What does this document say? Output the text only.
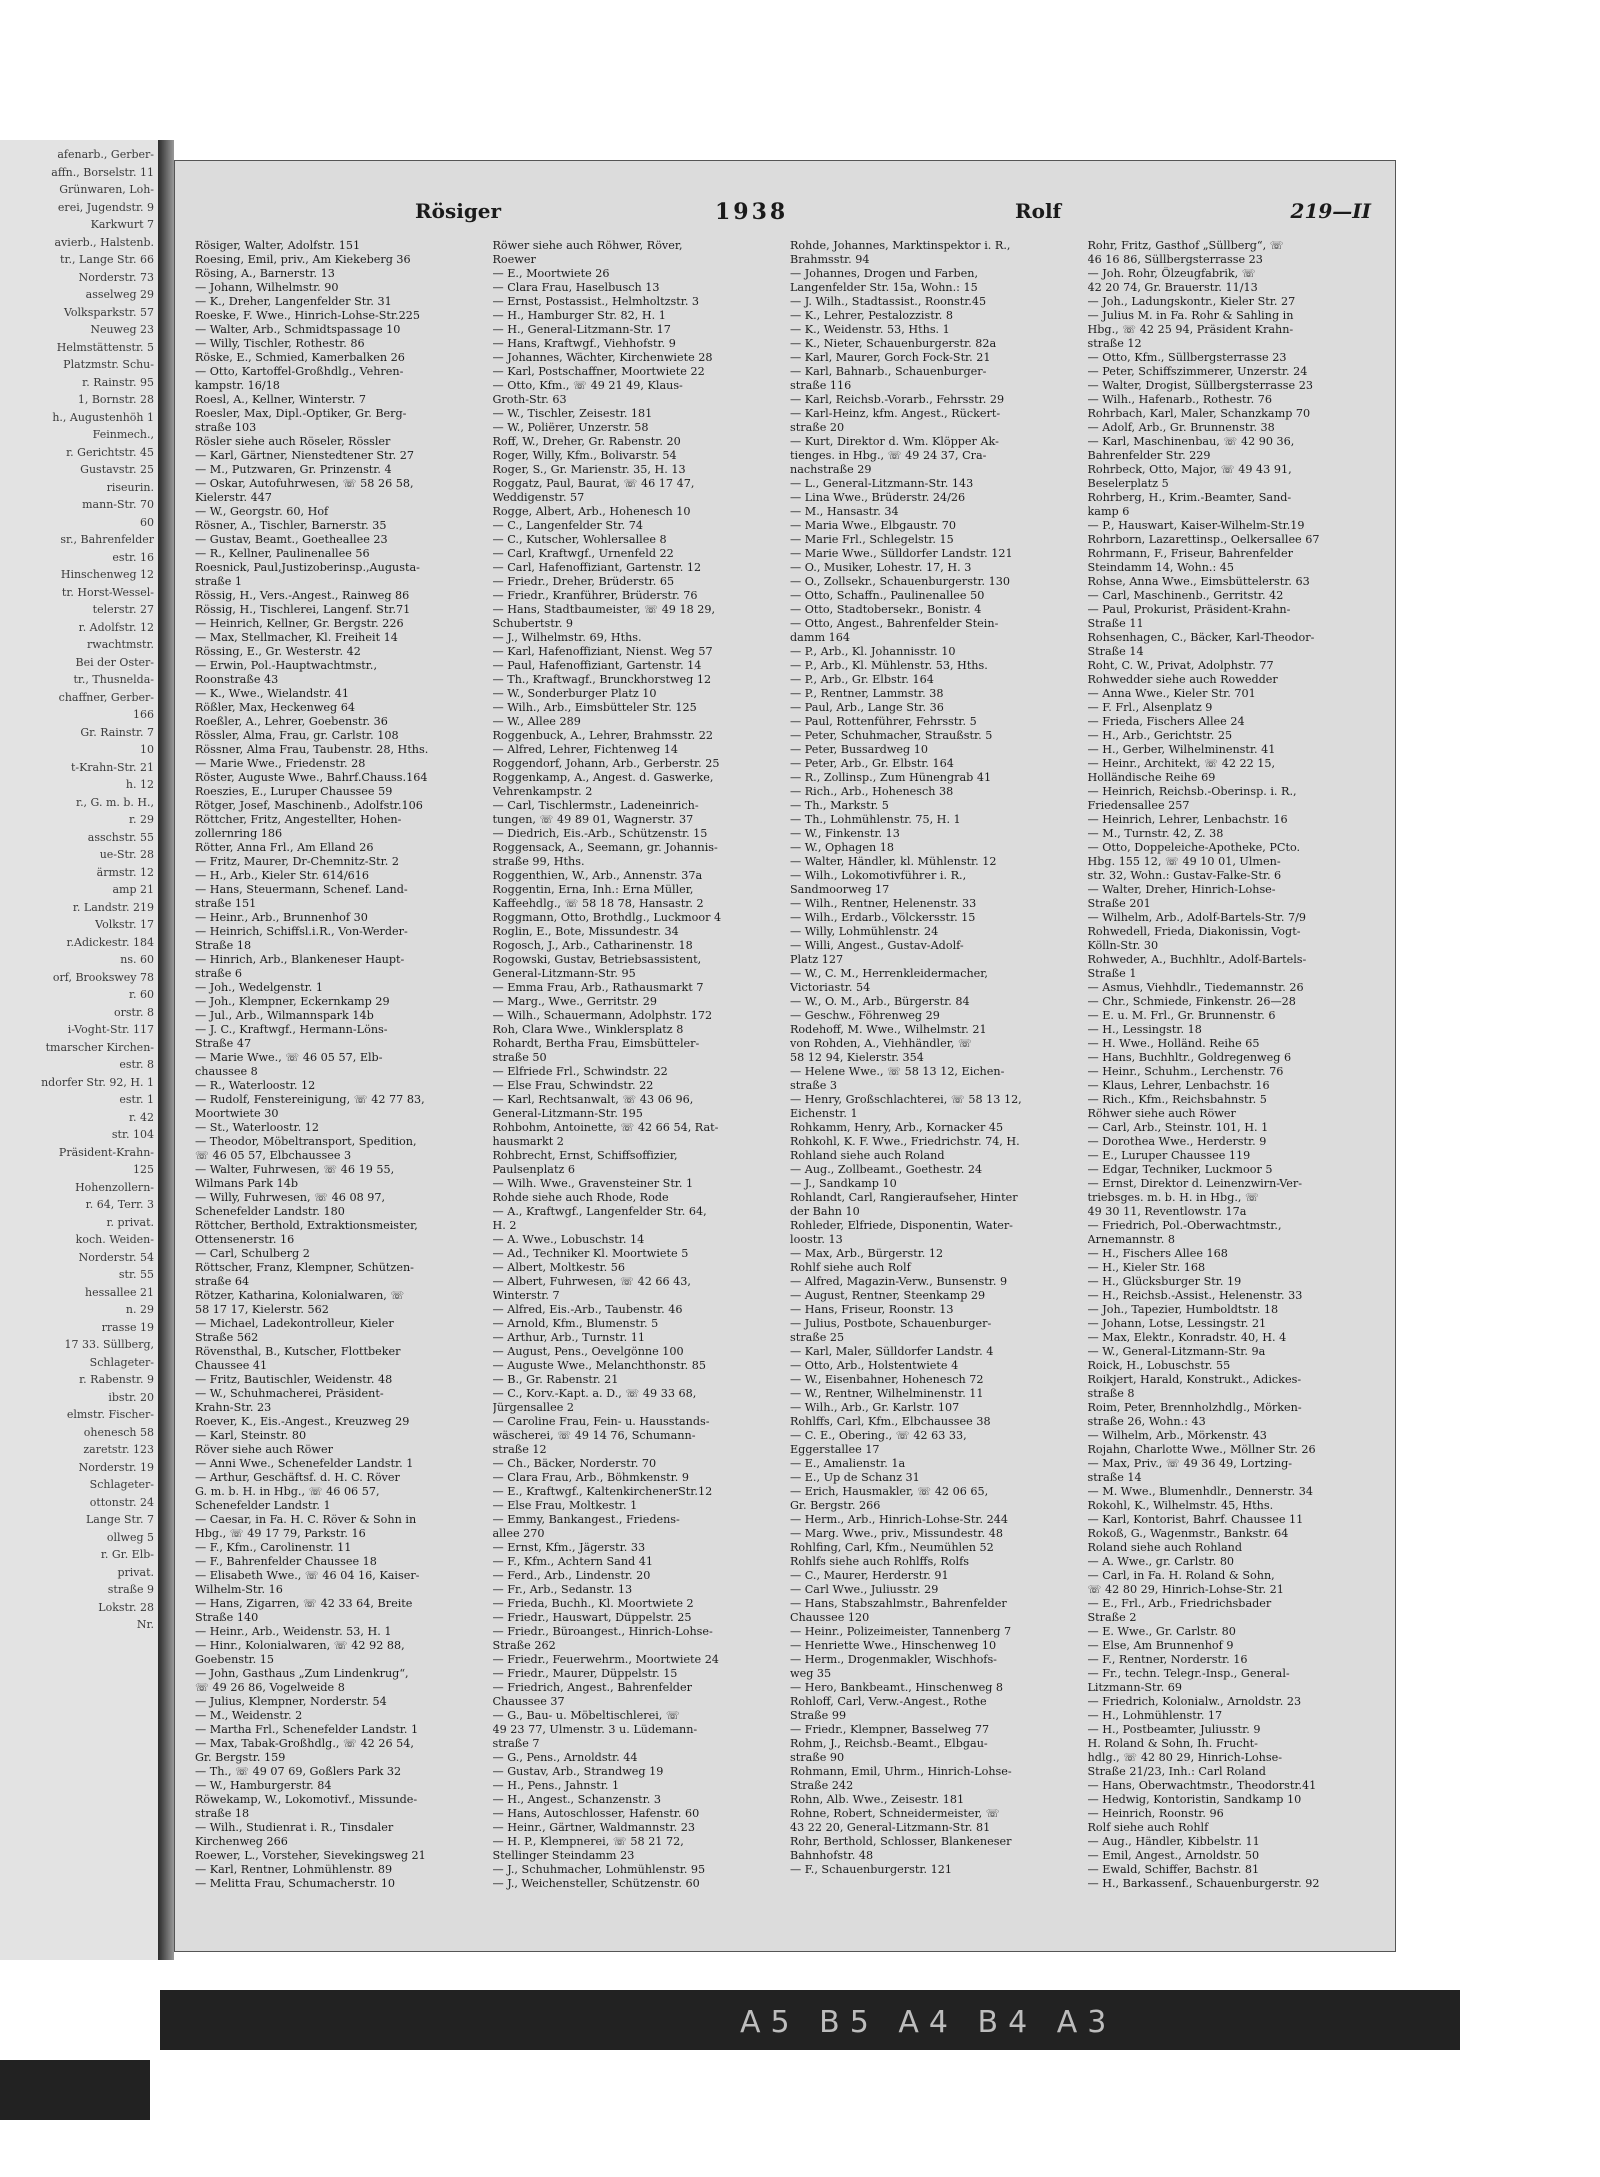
afenarb., Gerber-
affn., Borselstr. 11
Grünwaren, Loh-
erei, Jugendstr. 9
Karkwurt 7
avierb., Halstenb.
tr., Lange Str. 66
Norderstr. 73
asselweg 29
Volksparkstr. 57
Neuweg 23
Helmstättenstr. 5
Platzmstr. Schu-
r. Rainstr. 95
1, Bornstr. 28
h., Augustenhöh 1
Feinmech.,
r. Gerichtstr. 45
Gustavstr. 25
riseurin.
mann-Str. 70
60
sr., Bahrenfelder
estr. 16
Hinschenweg 12
tr. Horst-Wessel-
telerstr. 27
r. Adolfstr. 12
rwachtmstr.
Bei der Oster-
tr., Thusnelda-
chaffner, Gerber-
166
Gr. Rainstr. 7
10
t-Krahn-Str. 21
h. 12
r., G. m. b. H.,
r. 29
asschstr. 55
ue-Str. 28
ärmstr. 12
amp 21
r. Landstr. 219
Volkstr. 17
r.Adickestr. 184
ns. 60
orf, Brookswey 78
r. 60
orstr. 8
i-Voght-Str. 117
tmarscher Kirchen-
estr. 8
ndorfer Str. 92, H. 1
estr. 1
r. 42
str. 104
Präsident-Krahn-
125
Hohenzollern-
r. 64, Terr. 3
r. privat.
koch. Weiden-
Norderstr. 54
str. 55
hessallee 21
n. 29
rrasse 19
17 33. Süllberg,
Schlageter-
r. Rabenstr. 9
ibstr. 20
elmstr. Fischer-
ohenesch 58
zaretstr. 123
Norderstr. 19
Schlageter-
ottonstr. 24
Lange Str. 7
ollweg 5
r. Gr. Elb-
privat.
straße 9
Lokstr. 28
Nr.
Rösiger	1938	Rolf	219—II

Rösiger, Walter, Adolfstr. 151

Roesing, Emil, priv., Am Kiekeberg 36

Rösing, A., Barnerstr. 13

— Johann, Wilhelmstr. 90

— K., Dreher, Langenfelder Str. 31

Roeske, F. Wwe., Hinrich-Lohse-Str.225

— Walter, Arb., Schmidtspassage 10

— Willy, Tischler, Rothestr. 86

Röske, E., Schmied, Kamerbalken 26

— Otto, Kartoffel-Großhdlg., Vehren-

kampstr. 16/18

Roesl, A., Kellner, Winterstr. 7

Roesler, Max, Dipl.-Optiker, Gr. Berg-

straße 103

Rösler siehe auch Röseler, Rössler

— Karl, Gärtner, Nienstedtener Str. 27

— M., Putzwaren, Gr. Prinzenstr. 4

— Oskar, Autofuhrwesen, ☏ 58 26 58,

Kielerstr. 447

— W., Georgstr. 60, Hof

Rösner, A., Tischler, Barnerstr. 35

— Gustav, Beamt., Goetheallee 23

— R., Kellner, Paulinenallee 56

Roesnick, Paul,Justizoberinsp.,Augusta-

straße 1

Rössig, H., Vers.-Angest., Rainweg 86

Rössig, H., Tischlerei, Langenf. Str.71

— Heinrich, Kellner, Gr. Bergstr. 226

— Max, Stellmacher, Kl. Freiheit 14

Rössing, E., Gr. Westerstr. 42

— Erwin, Pol.-Hauptwachtmstr.,

Roonstraße 43

— K., Wwe., Wielandstr. 41

Rößler, Max, Heckenweg 64

Roeßler, A., Lehrer, Goebenstr. 36

Rössler, Alma, Frau, gr. Carlstr. 108

Rössner, Alma Frau, Taubenstr. 28, Hths.

— Marie Wwe., Friedenstr. 28

Röster, Auguste Wwe., Bahrf.Chauss.164

Roeszies, E., Luruper Chaussee 59

Rötger, Josef, Maschinenb., Adolfstr.106

Röttcher, Fritz, Angestellter, Hohen-

zollernring 186

Rötter, Anna Frl., Am Elland 26

— Fritz, Maurer, Dr-Chemnitz-Str. 2

— H., Arb., Kieler Str. 614/616

— Hans, Steuermann, Schenef. Land-

straße 151

— Heinr., Arb., Brunnenhof 30

— Heinrich, Schiffsl.i.R., Von-Werder-

Straße 18

— Hinrich, Arb., Blankeneser Haupt-

straße 6

— Joh., Wedelgenstr. 1

— Joh., Klempner, Eckernkamp 29

— Jul., Arb., Wilmannspark 14b

— J. C., Kraftwgf., Hermann-Löns-

Straße 47

— Marie Wwe., ☏ 46 05 57, Elb-

chaussee 8

— R., Waterloostr. 12

— Rudolf, Fenstereinigung, ☏ 42 77 83,

Moortwiete 30

— St., Waterloostr. 12

— Theodor, Möbeltransport, Spedition,

☏ 46 05 57, Elbchaussee 3

— Walter, Fuhrwesen, ☏ 46 19 55,

Wilmans Park 14b

— Willy, Fuhrwesen, ☏ 46 08 97,

Schenefelder Landstr. 180

Röttcher, Berthold, Extraktionsmeister,

Ottensenerstr. 16

— Carl, Schulberg 2

Röttscher, Franz, Klempner, Schützen-

straße 64

Rötzer, Katharina, Kolonialwaren, ☏

58 17 17, Kielerstr. 562

— Michael, Ladekontrolleur, Kieler

Straße 562

Rövensthal, B., Kutscher, Flottbeker

Chaussee 41

— Fritz, Bautischler, Weidenstr. 48

— W., Schuhmacherei, Präsident-

Krahn-Str. 23

Roever, K., Eis.-Angest., Kreuzweg 29

— Karl, Steinstr. 80

Röver siehe auch Röwer

— Anni Wwe., Schenefelder Landstr. 1

— Arthur, Geschäftsf. d. H. C. Röver

G. m. b. H. in Hbg., ☏ 46 06 57,

Schenefelder Landstr. 1

— Caesar, in Fa. H. C. Röver & Sohn in

Hbg., ☏ 49 17 79, Parkstr. 16

— F., Kfm., Carolinenstr. 11

— F., Bahrenfelder Chaussee 18

— Elisabeth Wwe., ☏ 46 04 16, Kaiser-

Wilhelm-Str. 16

— Hans, Zigarren, ☏ 42 33 64, Breite

Straße 140

— Heinr., Arb., Weidenstr. 53, H. 1

— Hinr., Kolonialwaren, ☏ 42 92 88,

Goebenstr. 15

— John, Gasthaus „Zum Lindenkrug“,

☏ 49 26 86, Vogelweide 8

— Julius, Klempner, Norderstr. 54

— M., Weidenstr. 2

— Martha Frl., Schenefelder Landstr. 1

— Max, Tabak-Großhdlg., ☏ 42 26 54,

Gr. Bergstr. 159

— Th., ☏ 49 07 69, Goßlers Park 32

— W., Hamburgerstr. 84

Röwekamp, W., Lokomotivf., Missunde-

straße 18

— Wilh., Studienrat i. R., Tinsdaler

Kirchenweg 266

Roewer, L., Vorsteher, Sievekingsweg 21

— Karl, Rentner, Lohmühlenstr. 89

— Melitta Frau, Schumacherstr. 10

Röwer siehe auch Röhwer, Röver,

Roewer

— E., Moortwiete 26

— Clara Frau, Haselbusch 13

— Ernst, Postassist., Helmholtzstr. 3

— H., Hamburger Str. 82, H. 1

— H., General-Litzmann-Str. 17

— Hans, Kraftwgf., Viehhofstr. 9

— Johannes, Wächter, Kirchenwiete 28

— Karl, Postschaffner, Moortwiete 22

— Otto, Kfm., ☏ 49 21 49, Klaus-

Groth-Str. 63

— W., Tischler, Zeisestr. 181

— W., Poliërer, Unzerstr. 58

Roff, W., Dreher, Gr. Rabenstr. 20

Roger, Willy, Kfm., Bolivarstr. 54

Roger, S., Gr. Marienstr. 35, H. 13

Roggatz, Paul, Baurat, ☏ 46 17 47,

Weddigenstr. 57

Rogge, Albert, Arb., Hohenesch 10

— C., Langenfelder Str. 74

— C., Kutscher, Wohlersallee 8

— Carl, Kraftwgf., Urnenfeld 22

— Carl, Hafenoffiziant, Gartenstr. 12

— Friedr., Dreher, Brüderstr. 65

— Friedr., Kranführer, Brüderstr. 76

— Hans, Stadtbaumeister, ☏ 49 18 29,

Schubertstr. 9

— J., Wilhelmstr. 69, Hths.

— Karl, Hafenoffiziant, Nienst. Weg 57

— Paul, Hafenoffiziant, Gartenstr. 14

— Th., Kraftwagf., Brunckhorstweg 12

— W., Sonderburger Platz 10

— Wilh., Arb., Eimsbütteler Str. 125

— W., Allee 289

Roggenbuck, A., Lehrer, Brahmsstr. 22

— Alfred, Lehrer, Fichtenweg 14

Roggendorf, Johann, Arb., Gerberstr. 25

Roggenkamp, A., Angest. d. Gaswerke,

Vehrenkampstr. 2

— Carl, Tischlermstr., Ladeneinrich-

tungen, ☏ 49 89 01, Wagnerstr. 37

— Diedrich, Eis.-Arb., Schützenstr. 15

Roggensack, A., Seemann, gr. Johannis-

straße 99, Hths.

Roggenthien, W., Arb., Annenstr. 37a

Roggentin, Erna, Inh.: Erna Müller,

Kaffeehdlg., ☏ 58 18 78, Hansastr. 2

Roggmann, Otto, Brothdlg., Luckmoor 4

Roglin, E., Bote, Missundestr. 34

Rogosch, J., Arb., Catharinenstr. 18

Rogowski, Gustav, Betriebsassistent,

General-Litzmann-Str. 95

— Emma Frau, Arb., Rathausmarkt 7

— Marg., Wwe., Gerritstr. 29

— Wilh., Schauermann, Adolphstr. 172

Roh, Clara Wwe., Winklersplatz 8

Rohardt, Bertha Frau, Eimsbütteler-

straße 50

— Elfriede Frl., Schwindstr. 22

— Else Frau, Schwindstr. 22

— Karl, Rechtsanwalt, ☏ 43 06 96,

General-Litzmann-Str. 195

Rohbohm, Antoinette, ☏ 42 66 54, Rat-

hausmarkt 2

Rohbrecht, Ernst, Schiffsoffizier,

Paulsenplatz 6

— Wilh. Wwe., Gravensteiner Str. 1

Rohde siehe auch Rhode, Rode

— A., Kraftwgf., Langenfelder Str. 64,

H. 2

— A. Wwe., Lobuschstr. 14

— Ad., Techniker Kl. Moortwiete 5

— Albert, Moltkestr. 56

— Albert, Fuhrwesen, ☏ 42 66 43,

Winterstr. 7

— Alfred, Eis.-Arb., Taubenstr. 46

— Arnold, Kfm., Blumenstr. 5

— Arthur, Arb., Turnstr. 11

— August, Pens., Oevelgönne 100

— Auguste Wwe., Melanchthonstr. 85

— B., Gr. Rabenstr. 21

— C., Korv.-Kapt. a. D., ☏ 49 33 68,

Jürgensallee 2

— Caroline Frau, Fein- u. Hausstands-

wäscherei, ☏ 49 14 76, Schumann-

straße 12

— Ch., Bäcker, Norderstr. 70

— Clara Frau, Arb., Böhmkenstr. 9

— E., Kraftwgf., KaltenkirchenerStr.12

— Else Frau, Moltkestr. 1

— Emmy, Bankangest., Friedens-

allee 270

— Ernst, Kfm., Jägerstr. 33

— F., Kfm., Achtern Sand 41

— Ferd., Arb., Lindenstr. 20

— Fr., Arb., Sedanstr. 13

— Frieda, Buchh., Kl. Moortwiete 2

— Friedr., Hauswart, Düppelstr. 25

— Friedr., Büroangest., Hinrich-Lohse-

Straße 262

— Friedr., Feuerwehrm., Moortwiete 24

— Friedr., Maurer, Düppelstr. 15

— Friedrich, Angest., Bahrenfelder

Chaussee 37

— G., Bau- u. Möbeltischlerei, ☏

49 23 77, Ulmenstr. 3 u. Lüdemann-

straße 7

— G., Pens., Arnoldstr. 44

— Gustav, Arb., Strandweg 19

— H., Pens., Jahnstr. 1

— H., Angest., Schanzenstr. 3

— Hans, Autoschlosser, Hafenstr. 60

— Heinr., Gärtner, Waldmannstr. 23

— H. P., Klempnerei, ☏ 58 21 72,

Stellinger Steindamm 23

— J., Schuhmacher, Lohmühlenstr. 95

— J., Weichensteller, Schützenstr. 60

Rohde, Johannes, Marktinspektor i. R.,

Brahmsstr. 94

— Johannes, Drogen und Farben,

Langenfelder Str. 15a, Wohn.: 15

— J. Wilh., Stadtassist., Roonstr.45

— K., Lehrer, Pestalozzistr. 8

— K., Weidenstr. 53, Hths. 1

— K., Nieter, Schauenburgerstr. 82a

— Karl, Maurer, Gorch Fock-Str. 21

— Karl, Bahnarb., Schauenburger-

straße 116

— Karl, Reichsb.-Vorarb., Fehrsstr. 29

— Karl-Heinz, kfm. Angest., Rückert-

straße 20

— Kurt, Direktor d. Wm. Klöpper Ak-

tienges. in Hbg., ☏ 49 24 37, Cra-

nachstraße 29

— L., General-Litzmann-Str. 143

— Lina Wwe., Brüderstr. 24/26

— M., Hansastr. 34

— Maria Wwe., Elbgaustr. 70

— Marie Frl., Schlegelstr. 15

— Marie Wwe., Sülldorfer Landstr. 121

— O., Musiker, Lohestr. 17, H. 3

— O., Zollsekr., Schauenburgerstr. 130

— Otto, Schaffn., Paulinenallee 50

— Otto, Stadtobersekr., Bonistr. 4

— Otto, Angest., Bahrenfelder Stein-

damm 164

— P., Arb., Kl. Johannisstr. 10

— P., Arb., Kl. Mühlenstr. 53, Hths.

— P., Arb., Gr. Elbstr. 164

— P., Rentner, Lammstr. 38

— Paul, Arb., Lange Str. 36

— Paul, Rottenführer, Fehrsstr. 5

— Peter, Schuhmacher, Straußstr. 5

— Peter, Bussardweg 10

— Peter, Arb., Gr. Elbstr. 164

— R., Zollinsp., Zum Hünengrab 41

— Rich., Arb., Hohenesch 38

— Th., Markstr. 5

— Th., Lohmühlenstr. 75, H. 1

— W., Finkenstr. 13

— W., Ophagen 18

— Walter, Händler, kl. Mühlenstr. 12

— Wilh., Lokomotivführer i. R.,

Sandmoorweg 17

— Wilh., Rentner, Helenenstr. 33

— Wilh., Erdarb., Völckersstr. 15

— Willy, Lohmühlenstr. 24

— Willi, Angest., Gustav-Adolf-

Platz 127

— W., C. M., Herrenkleidermacher,

Victoriastr. 54

— W., O. M., Arb., Bürgerstr. 84

— Geschw., Föhrenweg 29

Rodehoff, M. Wwe., Wilhelmstr. 21

von Rohden, A., Viehhändler, ☏

58 12 94, Kielerstr. 354

— Helene Wwe., ☏ 58 13 12, Eichen-

straße 3

— Henry, Großschlachterei, ☏ 58 13 12,

Eichenstr. 1

Rohkamm, Henry, Arb., Kornacker 45

Rohkohl, K. F. Wwe., Friedrichstr. 74, H.

Rohland siehe auch Roland

— Aug., Zollbeamt., Goethestr. 24

— J., Sandkamp 10

Rohlandt, Carl, Rangieraufseher, Hinter

der Bahn 10

Rohleder, Elfriede, Disponentin, Water-

loostr. 13

— Max, Arb., Bürgerstr. 12

Rohlf siehe auch Rolf

— Alfred, Magazin-Verw., Bunsenstr. 9

— August, Rentner, Steenkamp 29

— Hans, Friseur, Roonstr. 13

— Julius, Postbote, Schauenburger-

straße 25

— Karl, Maler, Sülldorfer Landstr. 4

— Otto, Arb., Holstentwiete 4

— W., Eisenbahner, Hohenesch 72

— W., Rentner, Wilhelminenstr. 11

— Wilh., Arb., Gr. Karlstr. 107

Rohlffs, Carl, Kfm., Elbchaussee 38

— C. E., Obering., ☏ 42 63 33,

Eggerstallee 17

— E., Amalienstr. 1a

— E., Up de Schanz 31

— Erich, Hausmakler, ☏ 42 06 65,

Gr. Bergstr. 266

— Herm., Arb., Hinrich-Lohse-Str. 244

— Marg. Wwe., priv., Missundestr. 48

Rohlfing, Carl, Kfm., Neumühlen 52

Rohlfs siehe auch Rohlffs, Rolfs

— C., Maurer, Herderstr. 91

— Carl Wwe., Juliusstr. 29

— Hans, Stabszahlmstr., Bahrenfelder

Chaussee 120

— Heinr., Polizeimeister, Tannenberg 7

— Henriette Wwe., Hinschenweg 10

— Herm., Drogenmakler, Wischhofs-

weg 35

— Hero, Bankbeamt., Hinschenweg 8

Rohloff, Carl, Verw.-Angest., Rothe

Straße 99

— Friedr., Klempner, Basselweg 77

Rohm, J., Reichsb.-Beamt., Elbgau-

straße 90

Rohmann, Emil, Uhrm., Hinrich-Lohse-

Straße 242

Rohn, Alb. Wwe., Zeisestr. 181

Rohne, Robert, Schneidermeister, ☏

43 22 20, General-Litzmann-Str. 81

Rohr, Berthold, Schlosser, Blankeneser

Bahnhofstr. 48

— F., Schauenburgerstr. 121

Rohr, Fritz, Gasthof „Süllberg“, ☏

46 16 86, Süllbergsterrasse 23

— Joh. Rohr, Ölzeugfabrik, ☏

42 20 74, Gr. Brauerstr. 11/13

— Joh., Ladungskontr., Kieler Str. 27

— Julius M. in Fa. Rohr & Sahling in

Hbg., ☏ 42 25 94, Präsident Krahn-

straße 12

— Otto, Kfm., Süllbergsterrasse 23

— Peter, Schiffszimmerer, Unzerstr. 24

— Walter, Drogist, Süllbergsterrasse 23

— Wilh., Hafenarb., Rothestr. 76

Rohrbach, Karl, Maler, Schanzkamp 70

— Adolf, Arb., Gr. Brunnenstr. 38

— Karl, Maschinenbau, ☏ 42 90 36,

Bahrenfelder Str. 229

Rohrbeck, Otto, Major, ☏ 49 43 91,

Beselerplatz 5

Rohrberg, H., Krim.-Beamter, Sand-

kamp 6

— P., Hauswart, Kaiser-Wilhelm-Str.19

Rohrborn, Lazarettinsp., Oelkersallee 67

Rohrmann, F., Friseur, Bahrenfelder

Steindamm 14, Wohn.: 45

Rohse, Anna Wwe., Eimsbüttelerstr. 63

— Carl, Maschinenb., Gerritstr. 42

— Paul, Prokurist, Präsident-Krahn-

Straße 11

Rohsenhagen, C., Bäcker, Karl-Theodor-

Straße 14

Roht, C. W., Privat, Adolphstr. 77

Rohwedder siehe auch Rowedder

— Anna Wwe., Kieler Str. 701

— F. Frl., Alsenplatz 9

— Frieda, Fischers Allee 24

— H., Arb., Gerichtstr. 25

— H., Gerber, Wilhelminenstr. 41

— Heinr., Architekt, ☏ 42 22 15,

Holländische Reihe 69

— Heinrich, Reichsb.-Oberinsp. i. R.,

Friedensallee 257

— Heinrich, Lehrer, Lenbachstr. 16

— M., Turnstr. 42, Z. 38

— Otto, Doppeleiche-Apotheke, PCto.

Hbg. 155 12, ☏ 49 10 01, Ulmen-

str. 32, Wohn.: Gustav-Falke-Str. 6

— Walter, Dreher, Hinrich-Lohse-

Straße 201

— Wilhelm, Arb., Adolf-Bartels-Str. 7/9

Rohwedell, Frieda, Diakonissin, Vogt-

Kölln-Str. 30

Rohweder, A., Buchhltr., Adolf-Bartels-

Straße 1

— Asmus, Viehhdlr., Tiedemannstr. 26

— Chr., Schmiede, Finkenstr. 26—28

— E. u. M. Frl., Gr. Brunnenstr. 6

— H., Lessingstr. 18

— H. Wwe., Holländ. Reihe 65

— Hans, Buchhltr., Goldregenweg 6

— Heinr., Schuhm., Lerchenstr. 76

— Klaus, Lehrer, Lenbachstr. 16

— Rich., Kfm., Reichsbahnstr. 5

Röhwer siehe auch Röwer

— Carl, Arb., Steinstr. 101, H. 1

— Dorothea Wwe., Herderstr. 9

— E., Luruper Chaussee 119

— Edgar, Techniker, Luckmoor 5

— Ernst, Direktor d. Leinenzwirn-Ver-

triebsges. m. b. H. in Hbg., ☏

49 30 11, Reventlowstr. 17a

— Friedrich, Pol.-Oberwachtmstr.,

Arnemannstr. 8

— H., Fischers Allee 168

— H., Kieler Str. 168

— H., Glücksburger Str. 19

— H., Reichsb.-Assist., Helenenstr. 33

— Joh., Tapezier, Humboldtstr. 18

— Johann, Lotse, Lessingstr. 21

— Max, Elektr., Konradstr. 40, H. 4

— W., General-Litzmann-Str. 9a

Roick, H., Lobuschstr. 55

Roikjert, Harald, Konstrukt., Adickes-

straße 8

Roim, Peter, Brennholzhdlg., Mörken-

straße 26, Wohn.: 43

— Wilhelm, Arb., Mörkenstr. 43

Rojahn, Charlotte Wwe., Möllner Str. 26

— Max, Priv., ☏ 49 36 49, Lortzing-

straße 14

— M. Wwe., Blumenhdlr., Dennerstr. 34

Rokohl, K., Wilhelmstr. 45, Hths.

— Karl, Kontorist, Bahrf. Chaussee 11

Rokoß, G., Wagenmstr., Bankstr. 64

Roland siehe auch Rohland

— A. Wwe., gr. Carlstr. 80

— Carl, in Fa. H. Roland & Sohn,

☏ 42 80 29, Hinrich-Lohse-Str. 21

— E., Frl., Arb., Friedrichsbader

Straße 2

— E. Wwe., Gr. Carlstr. 80

— Else, Am Brunnenhof 9

— F., Rentner, Norderstr. 16

— Fr., techn. Telegr.-Insp., General-

Litzmann-Str. 69

— Friedrich, Kolonialw., Arnoldstr. 23

— H., Lohmühlenstr. 17

— H., Postbeamter, Juliusstr. 9

H. Roland & Sohn, Ih. Frucht-

hdlg., ☏ 42 80 29, Hinrich-Lohse-

Straße 21/23, Inh.: Carl Roland

— Hans, Oberwachtmstr., Theodorstr.41

— Hedwig, Kontoristin, Sandkamp 10

— Heinrich, Roonstr. 96

Rolf siehe auch Rohlf

— Aug., Händler, Kibbelstr. 11

— Emil, Angest., Arnoldstr. 50

— Ewald, Schiffer, Bachstr. 81

— H., Barkassenf., Schauenburgerstr. 92

A5 B5 A4 B4 A3
